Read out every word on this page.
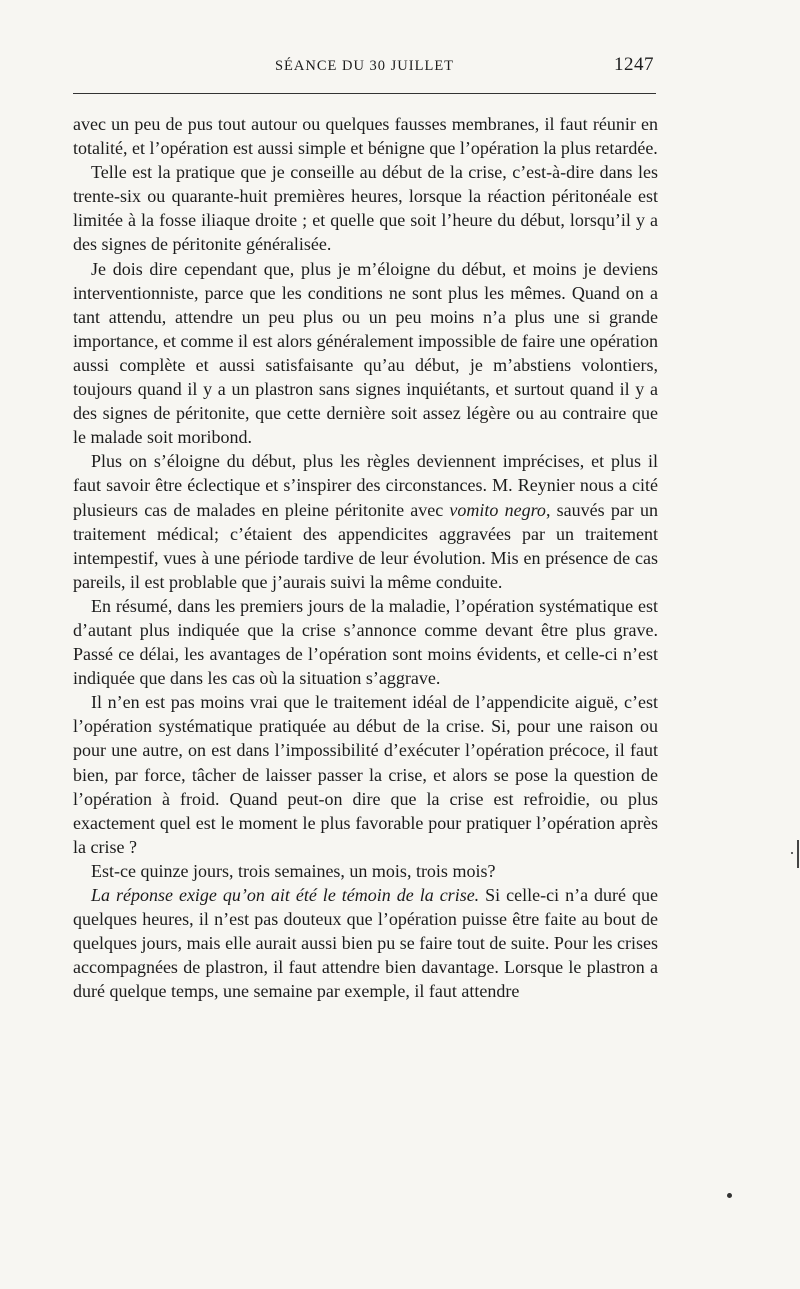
SÉANCE DU 30 JUILLET	1247

avec un peu de pus tout autour ou quelques fausses membranes, il faut réunir en totalité, et l’opération est aussi simple et bénigne que l’opération la plus retardée.

Telle est la pratique que je conseille au début de la crise, c’est-à-dire dans les trente-six ou quarante-huit premières heures, lorsque la réaction péritonéale est limitée à la fosse iliaque droite ; et quelle que soit l’heure du début, lorsqu’il y a des signes de péritonite généralisée.

Je dois dire cependant que, plus je m’éloigne du début, et moins je deviens interventionniste, parce que les conditions ne sont plus les mêmes. Quand on a tant attendu, attendre un peu plus ou un peu moins n’a plus une si grande importance, et comme il est alors généralement impossible de faire une opération aussi complète et aussi satisfaisante qu’au début, je m’abstiens volontiers, toujours quand il y a un plastron sans signes inquiétants, et surtout quand il y a des signes de péritonite, que cette dernière soit assez légère ou au contraire que le malade soit moribond.

Plus on s’éloigne du début, plus les règles deviennent imprécises, et plus il faut savoir être éclectique et s’inspirer des circonstances. M. Reynier nous a cité plusieurs cas de malades en pleine péritonite avec vomito negro, sauvés par un traitement médical; c’étaient des appendicites aggravées par un traitement intempestif, vues à une période tardive de leur évolution. Mis en présence de cas pareils, il est problable que j’aurais suivi la même conduite.

En résumé, dans les premiers jours de la maladie, l’opération systématique est d’autant plus indiquée que la crise s’annonce comme devant être plus grave. Passé ce délai, les avantages de l’opération sont moins évidents, et celle-ci n’est indiquée que dans les cas où la situation s’aggrave.

Il n’en est pas moins vrai que le traitement idéal de l’appendicite aiguë, c’est l’opération systématique pratiquée au début de la crise. Si, pour une raison ou pour une autre, on est dans l’impossibilité d’exécuter l’opération précoce, il faut bien, par force, tâcher de laisser passer la crise, et alors se pose la question de l’opération à froid. Quand peut-on dire que la crise est refroidie, ou plus exactement quel est le moment le plus favorable pour pratiquer l’opération après la crise ?

Est-ce quinze jours, trois semaines, un mois, trois mois?

La réponse exige qu’on ait été le témoin de la crise. Si celle-ci n’a duré que quelques heures, il n’est pas douteux que l’opération puisse être faite au bout de quelques jours, mais elle aurait aussi bien pu se faire tout de suite. Pour les crises accompagnées de plastron, il faut attendre bien davantage. Lorsque le plastron a duré quelque temps, une semaine par exemple, il faut attendre
